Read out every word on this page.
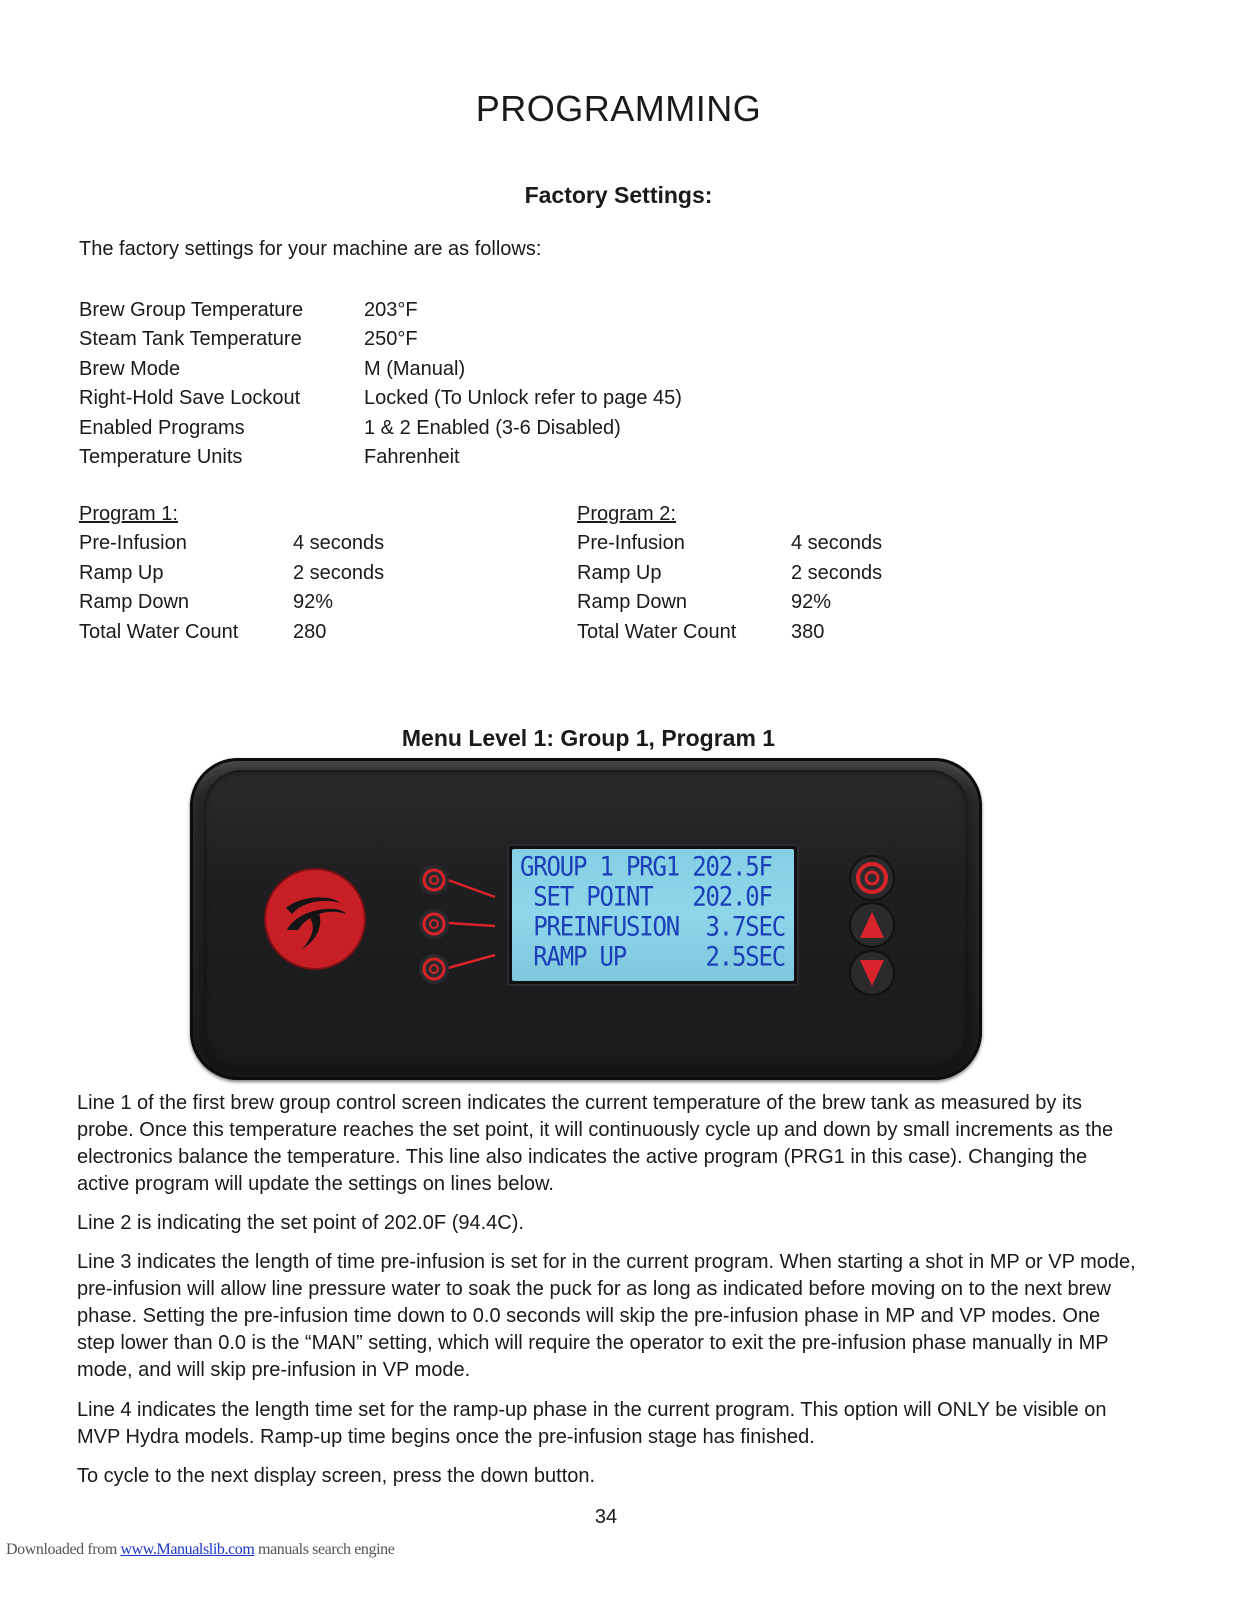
PROGRAMMING
Factory Settings:
The factory settings for your machine are as follows:
Brew Group Temperature	203°F
Steam Tank Temperature	250°F
Brew Mode	M (Manual)
Right-Hold Save Lockout	Locked (To Unlock refer to page 45)
Enabled Programs	1 & 2 Enabled (3-6 Disabled)
Temperature Units	Fahrenheit
Program 1:
Pre-Infusion	4 seconds
Ramp Up	2 seconds
Ramp Down	92%
Total Water Count	280
Program 2:
Pre-Infusion	4 seconds
Ramp Up	2 seconds
Ramp Down	92%
Total Water Count	380
Menu Level 1: Group 1, Program 1
GROUP 1 PRG1 202.5F
SET POINT   202.0F
PREINFUSION  3.7SEC
RAMP UP      2.5SEC
Line 1 of the first brew group control screen indicates the current temperature of the brew tank as measured by its probe. Once this temperature reaches the set point, it will continuously cycle up and down by small increments as the electronics balance the temperature. This line also indicates the active program (PRG1 in this case). Changing the active program will update the settings on lines below.
Line 2 is indicating the set point of 202.0F (94.4C).
Line 3 indicates the length of time pre-infusion is set for in the current program. When starting a shot in MP or VP mode, pre-infusion will allow line pressure water to soak the puck for as long as indicated before moving on to the next brew phase. Setting the pre-infusion time down to 0.0 seconds will skip the pre-infusion phase in MP and VP modes. One step lower than 0.0 is the “MAN” setting, which will require the operator to exit the pre-infusion phase manually in MP mode, and will skip pre-infusion in VP mode.
Line 4 indicates the length time set for the ramp-up phase in the current program. This option will ONLY be visible on MVP Hydra models. Ramp-up time begins once the pre-infusion stage has finished.
To cycle to the next display screen, press the down button.
34
Downloaded from www.Manualslib.com manuals search engine
